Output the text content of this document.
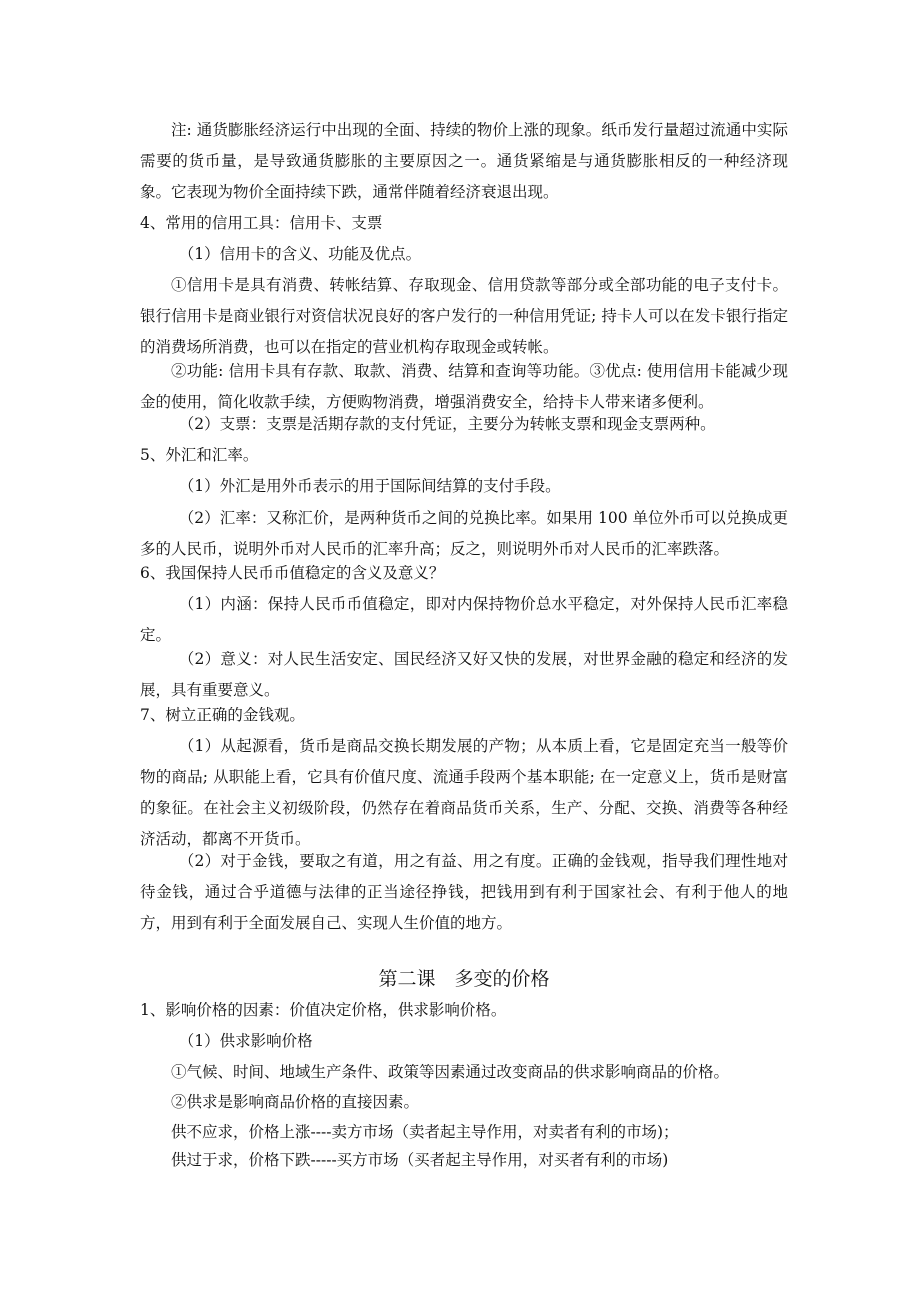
注: 通货膨胀经济运行中出现的全面、持续的物价上涨的现象。纸币发行量超过流通中实际需要的货币量，是导致通货膨胀的主要原因之一。通货紧缩是与通货膨胀相反的一种经济现象。它表现为物价全面持续下跌，通常伴随着经济衰退出现。
4、常用的信用工具：信用卡、支票
（1）信用卡的含义、功能及优点。
①信用卡是具有消费、转帐结算、存取现金、信用贷款等部分或全部功能的电子支付卡。银行信用卡是商业银行对资信状况良好的客户发行的一种信用凭证; 持卡人可以在发卡银行指定的消费场所消费，也可以在指定的营业机构存取现金或转帐。
②功能: 信用卡具有存款、取款、消费、结算和查询等功能。③优点: 使用信用卡能减少现金的使用，简化收款手续，方便购物消费，增强消费安全，给持卡人带来诸多便利。
（2）支票：支票是活期存款的支付凭证，主要分为转帐支票和现金支票两种。
5、外汇和汇率。
（1）外汇是用外币表示的用于国际间结算的支付手段。
（2）汇率：又称汇价，是两种货币之间的兑换比率。如果用 100 单位外币可以兑换成更多的人民币，说明外币对人民币的汇率升高；反之，则说明外币对人民币的汇率跌落。
6、我国保持人民币币值稳定的含义及意义？
（1）内涵：保持人民币币值稳定，即对内保持物价总水平稳定，对外保持人民币汇率稳定。
（2）意义：对人民生活安定、国民经济又好又快的发展，对世界金融的稳定和经济的发展，具有重要意义。
7、树立正确的金钱观。
（1）从起源看，货币是商品交换长期发展的产物；从本质上看，它是固定充当一般等价物的商品; 从职能上看，它具有价值尺度、流通手段两个基本职能; 在一定意义上，货币是财富的象征。在社会主义初级阶段，仍然存在着商品货币关系，生产、分配、交换、消费等各种经济活动，都离不开货币。
（2）对于金钱，要取之有道，用之有益、用之有度。正确的金钱观，指导我们理性地对待金钱，通过合乎道德与法律的正当途径挣钱，把钱用到有利于国家社会、有利于他人的地方，用到有利于全面发展自己、实现人生价值的地方。
第二课　多变的价格
1、影响价格的因素：价值决定价格，供求影响价格。
（1）供求影响价格
①气候、时间、地域生产条件、政策等因素通过改变商品的供求影响商品的价格。
②供求是影响商品价格的直接因素。
供不应求，价格上涨----卖方市场（卖者起主导作用，对卖者有利的市场)；
供过于求，价格下跌-----买方市场（买者起主导作用，对买者有利的市场)
